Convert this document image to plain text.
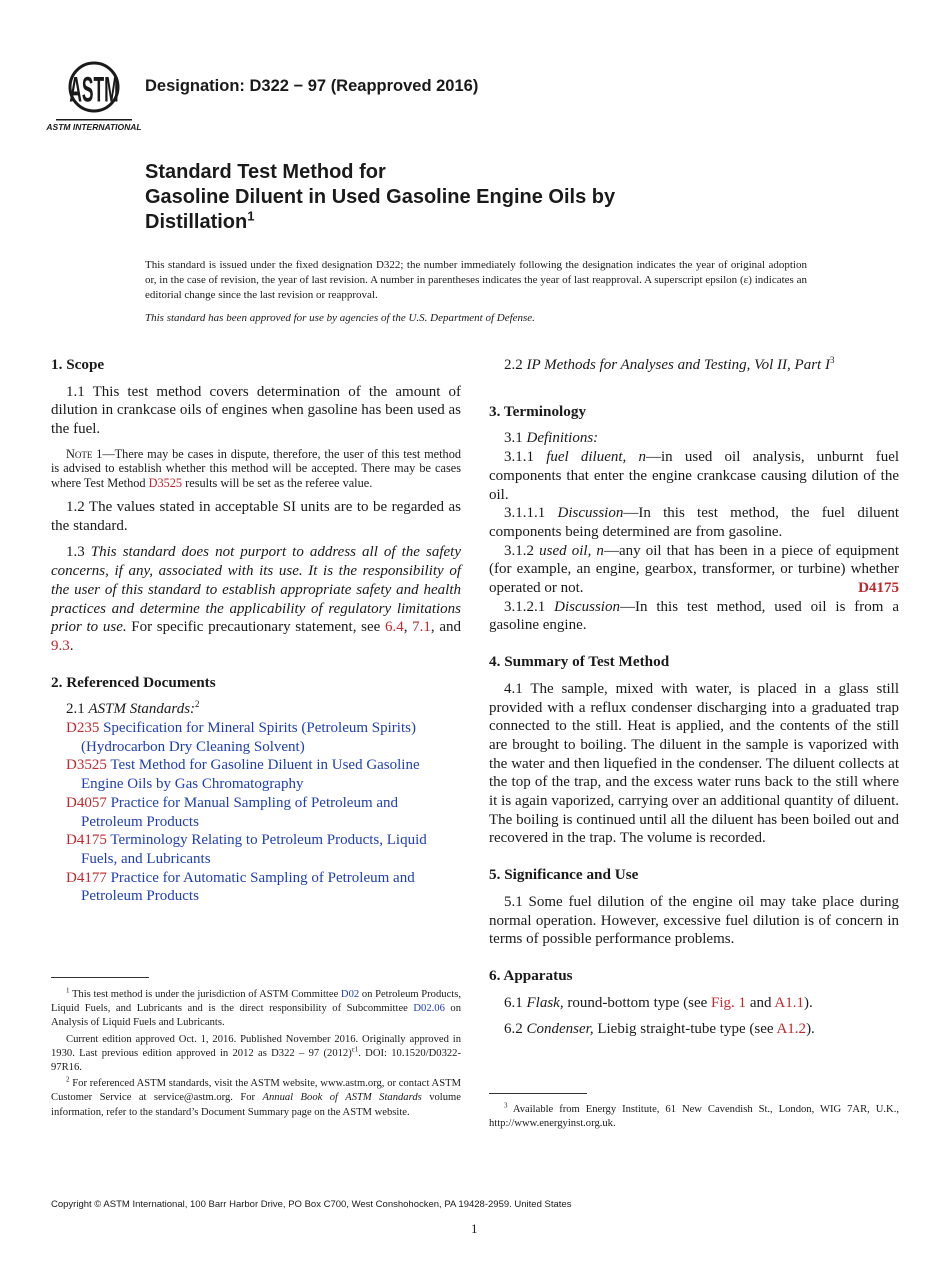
ASTM
ASTM INTERNATIONAL
Designation: D322 − 97 (Reapproved 2016)
Standard Test Method for
Gasoline Diluent in Used Gasoline Engine Oils by
Distillation$^1$

This standard is issued under the fixed designation D322; the number immediately following the designation indicates the year of original adoption or, in the case of revision, the year of last revision. A number in parentheses indicates the year of last reapproval. A superscript epsilon (ε) indicates an editorial change since the last revision or reapproval.

This standard has been approved for use by agencies of the U.S. Department of Defense.

1. Scope

1.1 This test method covers determination of the amount of dilution in crankcase oils of engines when gasoline has been used as the fuel.

Note 1—There may be cases in dispute, therefore, the user of this test method is advised to establish whether this method will be accepted. There may be cases where Test Method D3525 results will be set as the referee value.

1.2 The values stated in acceptable SI units are to be regarded as the standard.

1.3 This standard does not purport to address all of the safety concerns, if any, associated with its use. It is the responsibility of the user of this standard to establish appropriate safety and health practices and determine the applicability of regulatory limitations prior to use. For specific precautionary statement, see 6.4, 7.1, and 9.3.

2. Referenced Documents

2.1 ASTM Standards:$^2$

D235 Specification for Mineral Spirits (Petroleum Spirits) (Hydrocarbon Dry Cleaning Solvent)

D3525 Test Method for Gasoline Diluent in Used Gasoline Engine Oils by Gas Chromatography

D4057 Practice for Manual Sampling of Petroleum and Petroleum Products

D4175 Terminology Relating to Petroleum Products, Liquid Fuels, and Lubricants

D4177 Practice for Automatic Sampling of Petroleum and Petroleum Products

2.2 IP Methods for Analyses and Testing, Vol II, Part $I^3$

3. Terminology

3.1 Definitions:

3.1.1 fuel diluent, n—in used oil analysis, unburnt fuel components that enter the engine crankcase causing dilution of the oil.

3.1.1.1 Discussion—In this test method, the fuel diluent components being determined are from gasoline.

3.1.2 used oil, n—any oil that has been in a piece of equipment (for example, an engine, gearbox, transformer, or turbine) whether operated or not.	D4175

3.1.2.1 Discussion—In this test method, used oil is from a gasoline engine.

4. Summary of Test Method

4.1 The sample, mixed with water, is placed in a glass still provided with a reflux condenser discharging into a graduated trap connected to the still. Heat is applied, and the contents of the still are brought to boiling. The diluent in the sample is vaporized with the water and then liquefied in the condenser. The diluent collects at the top of the trap, and the excess water runs back to the still where it is again vaporized, carrying over an additional quantity of diluent. The boiling is continued until all the diluent has been boiled out and recovered in the trap. The volume is recorded.

5. Significance and Use

5.1 Some fuel dilution of the engine oil may take place during normal operation. However, excessive fuel dilution is of concern in terms of possible performance problems.

6. Apparatus

6.1 Flask, round-bottom type (see Fig. 1 and A1.1).

6.2 Condenser, Liebig straight-tube type (see A1.2).

$^1$ This test method is under the jurisdiction of ASTM Committee D02 on Petroleum Products, Liquid Fuels, and Lubricants and is the direct responsibility of Subcommittee D02.06 on Analysis of Liquid Fuels and Lubricants.

Current edition approved Oct. 1, 2016. Published November 2016. Originally approved in 1930. Last previous edition approved in 2012 as D322 – 97 $(2012)^{\varepsilon 1}$. DOI: 10.1520/D0322-97R16.

$^2$ For referenced ASTM standards, visit the ASTM website, www.astm.org, or contact ASTM Customer Service at service@astm.org. For Annual Book of ASTM Standards volume information, refer to the standard’s Document Summary page on the ASTM website.

$^3$ Available from Energy Institute, 61 New Cavendish St., London, WIG 7AR, U.K., http://www.energyinst.org.uk.

Copyright © ASTM International, 100 Barr Harbor Drive, PO Box C700, West Conshohocken, PA 19428-2959. United States
1
